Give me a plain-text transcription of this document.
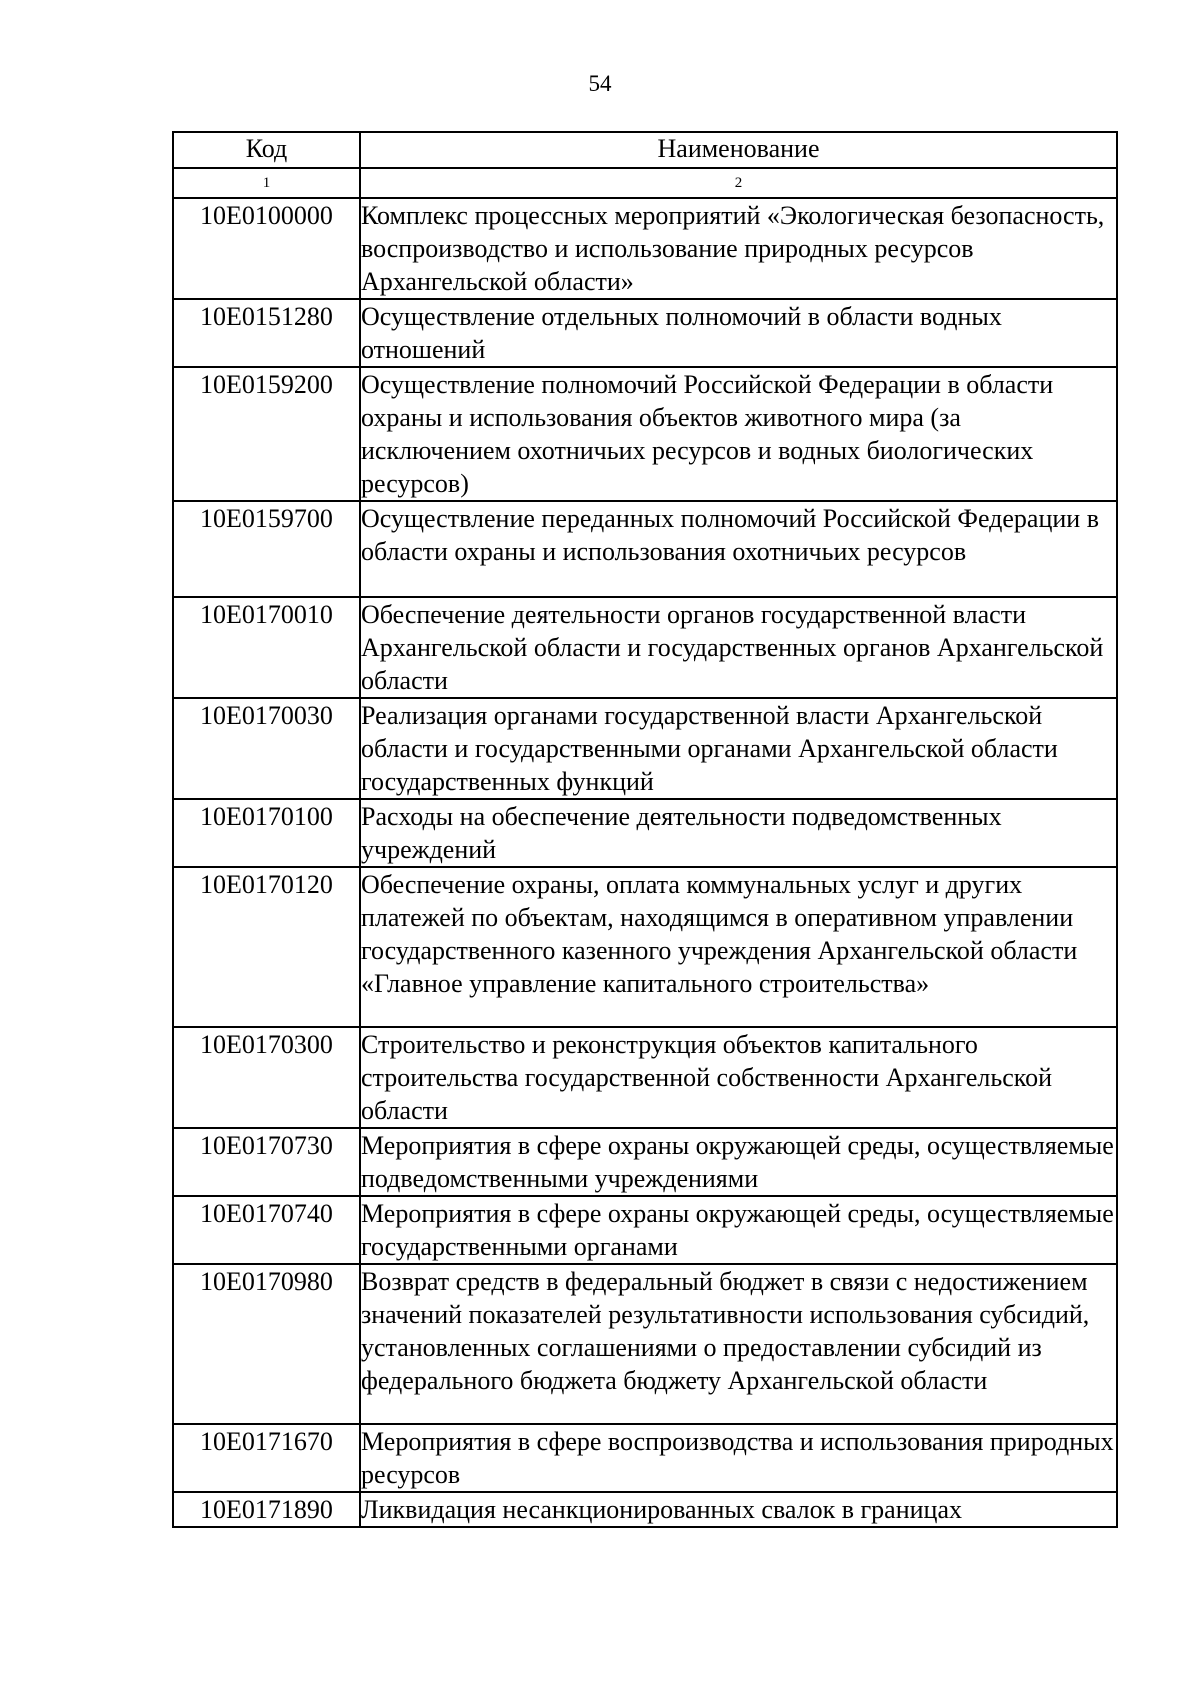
54
Код	Наименование
1	2
10Е0100000	Комплекс процессных мероприятий «Экологическая безопасность, воспроизводство и использование природных ресурсов Архангельской области»
10Е0151280	Осуществление отдельных полномочий в области водных отношений
10Е0159200	Осуществление полномочий Российской Федерации в области охраны и использования объектов животного мира (за исключением охотничьих ресурсов и водных биологических ресурсов)
10Е0159700	Осуществление переданных полномочий Российской Федерации в области охраны и использования охотничьих ресурсов
10Е0170010	Обеспечение деятельности органов государственной власти Архангельской области и государственных органов Архангельской области
10Е0170030	Реализация органами государственной власти Архангельской области и государственными органами Архангельской области государственных функций
10Е0170100	Расходы на обеспечение деятельности подведомственных учреждений
10Е0170120	Обеспечение охраны, оплата коммунальных услуг и других платежей по объектам, находящимся в оперативном управлении государственного казенного учреждения Архангельской области «Главное управление капитального строительства»
10Е0170300	Строительство и реконструкция объектов капитального строительства государственной собственности Архангельской области
10Е0170730	Мероприятия в сфере охраны окружающей среды, осуществляемые подведомственными учреждениями
10Е0170740	Мероприятия в сфере охраны окружающей среды, осуществляемые государственными органами
10Е0170980	Возврат средств в федеральный бюджет в связи с недостижением значений показателей результативности использования субсидий, установленных соглашениями о предоставлении субсидий из федерального бюджета бюджету Архангельской области
10Е0171670	Мероприятия в сфере воспроизводства и использования природных ресурсов
10Е0171890	Ликвидация несанкционированных свалок в границах
